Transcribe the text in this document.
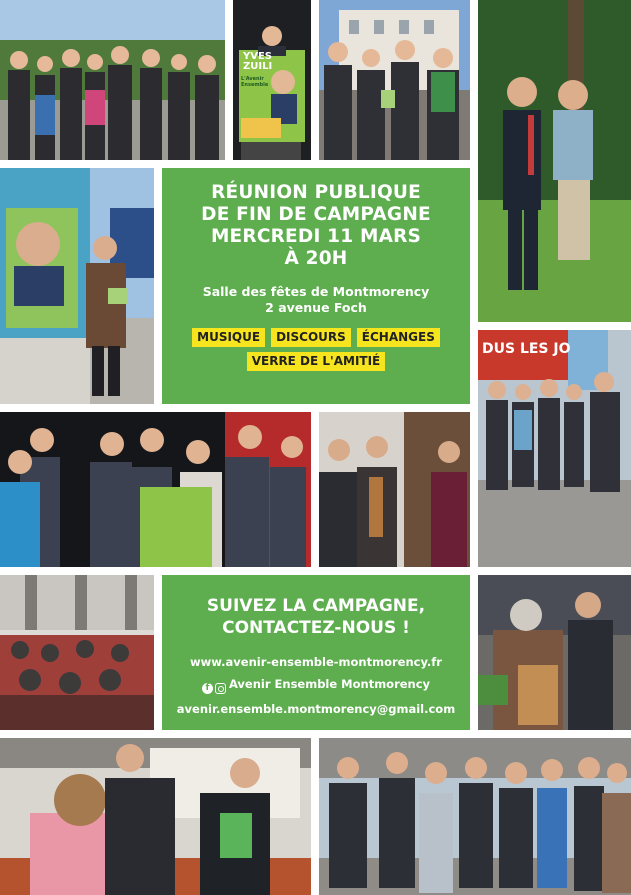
YVES
ZUILI
L'Avenir Ensemble

RÉUNION PUBLIQUE

DE FIN DE CAMPAGNE

MERCREDI 11 MARS

À 20H

Salle des fêtes de Montmorency

2 avenue Foch

MUSIQUE	DISCOURS	ÉCHANGES
VERRE DE L'AMITIÉ
DUS LES JO

SUIVEZ LA CAMPAGNE,

CONTACTEZ-NOUS !

www.avenir-ensemble-montmorency.fr

f	Avenir Ensemble Montmorency

avenir.ensemble.montmorency@gmail.com
